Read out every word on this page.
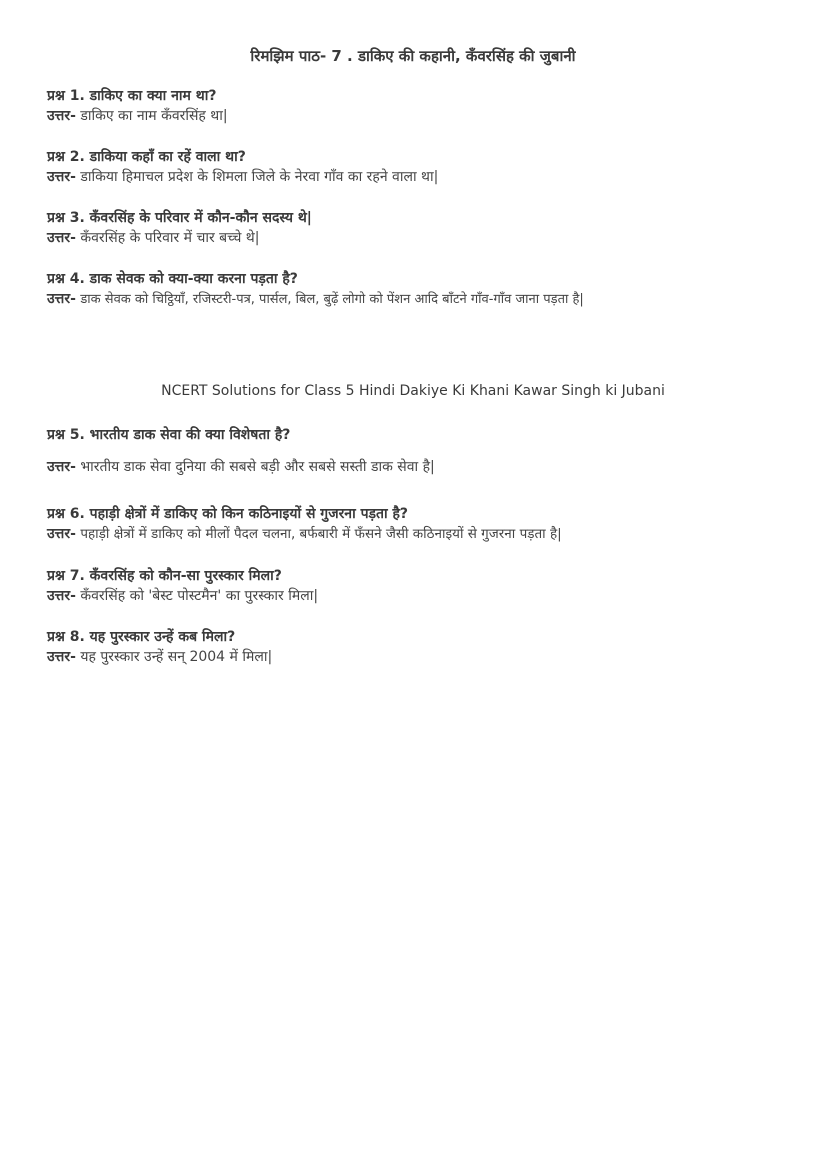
रिमझिम पाठ- 7 . डाकिए की कहानी, कँवरसिंह की जुबानी
प्रश्न 1. डाकिए का क्या नाम था?
उत्तर- डाकिए का नाम कँवरसिंह था|
प्रश्न 2. डाकिया कहाँ का रहें वाला था?
उत्तर- डाकिया हिमाचल प्रदेश के शिमला जिले के नेरवा गाँव का रहने वाला था|
प्रश्न 3. कँवरसिंह के परिवार में कौन-कौन सदस्य थे|
उत्तर- कँवरसिंह के परिवार में चार बच्चे थे|
प्रश्न 4. डाक सेवक को क्या-क्या करना पड़ता है?
उत्तर- डाक सेवक को चिट्ठियाँ, रजिस्टरी-पत्र, पार्सल, बिल, बुढ़ें लोगो को पेंशन आदि बाँटने गाँव-गाँव जाना पड़ता है|
NCERT Solutions for Class 5 Hindi Dakiye Ki Khani Kawar Singh ki Jubani
प्रश्न 5. भारतीय डाक सेवा की क्या विशेषता है?
उत्तर- भारतीय डाक सेवा दुनिया की सबसे बड़ी और सबसे सस्ती डाक सेवा है|
प्रश्न 6. पहाड़ी क्षेत्रों में डाकिए को किन कठिनाइयों से गुजरना पड़ता है?
उत्तर- पहाड़ी क्षेत्रों में डाकिए को मीलों पैदल चलना, बर्फबारी में फँसने जैसी कठिनाइयों से गुजरना पड़ता है|
प्रश्न 7. कँवरसिंह को कौन-सा पुरस्कार मिला?
उत्तर- कँवरसिंह को 'बेस्ट पोस्टमैन' का पुरस्कार मिला|
प्रश्न 8. यह पुरस्कार उन्हें कब मिला?
उत्तर- यह पुरस्कार उन्हें सन् 2004 में मिला|
